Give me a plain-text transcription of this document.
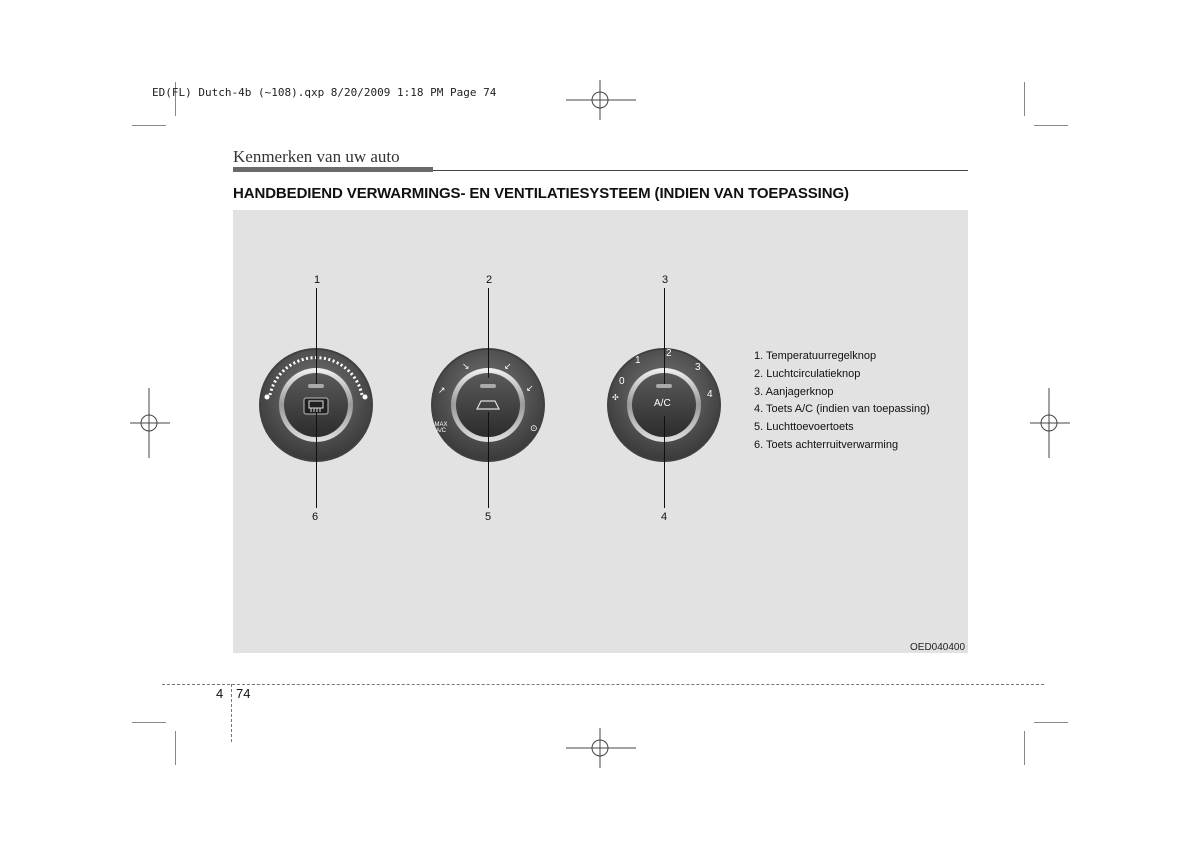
ED(FL) Dutch-4b (~108).qxp 8/20/2009 1:18 PM Page 74
Kenmerken van uw auto
HANDBEDIEND VERWARMINGS- EN VENTILATIESYSTEEM (INDIEN VAN TOEPASSING)
↗
↘	↙
↙
⊙
MAX
A/C
✣
0
1
2
3
4
A/C
1	2	3
4
5
6
1. Temperatuurregelknop
2. Luchtcirculatieknop
3. Aanjagerknop
4. Toets A/C (indien van toepassing)
5. Luchttoevoertoets
6. Toets achterruitverwarming
OED040400
4 74
